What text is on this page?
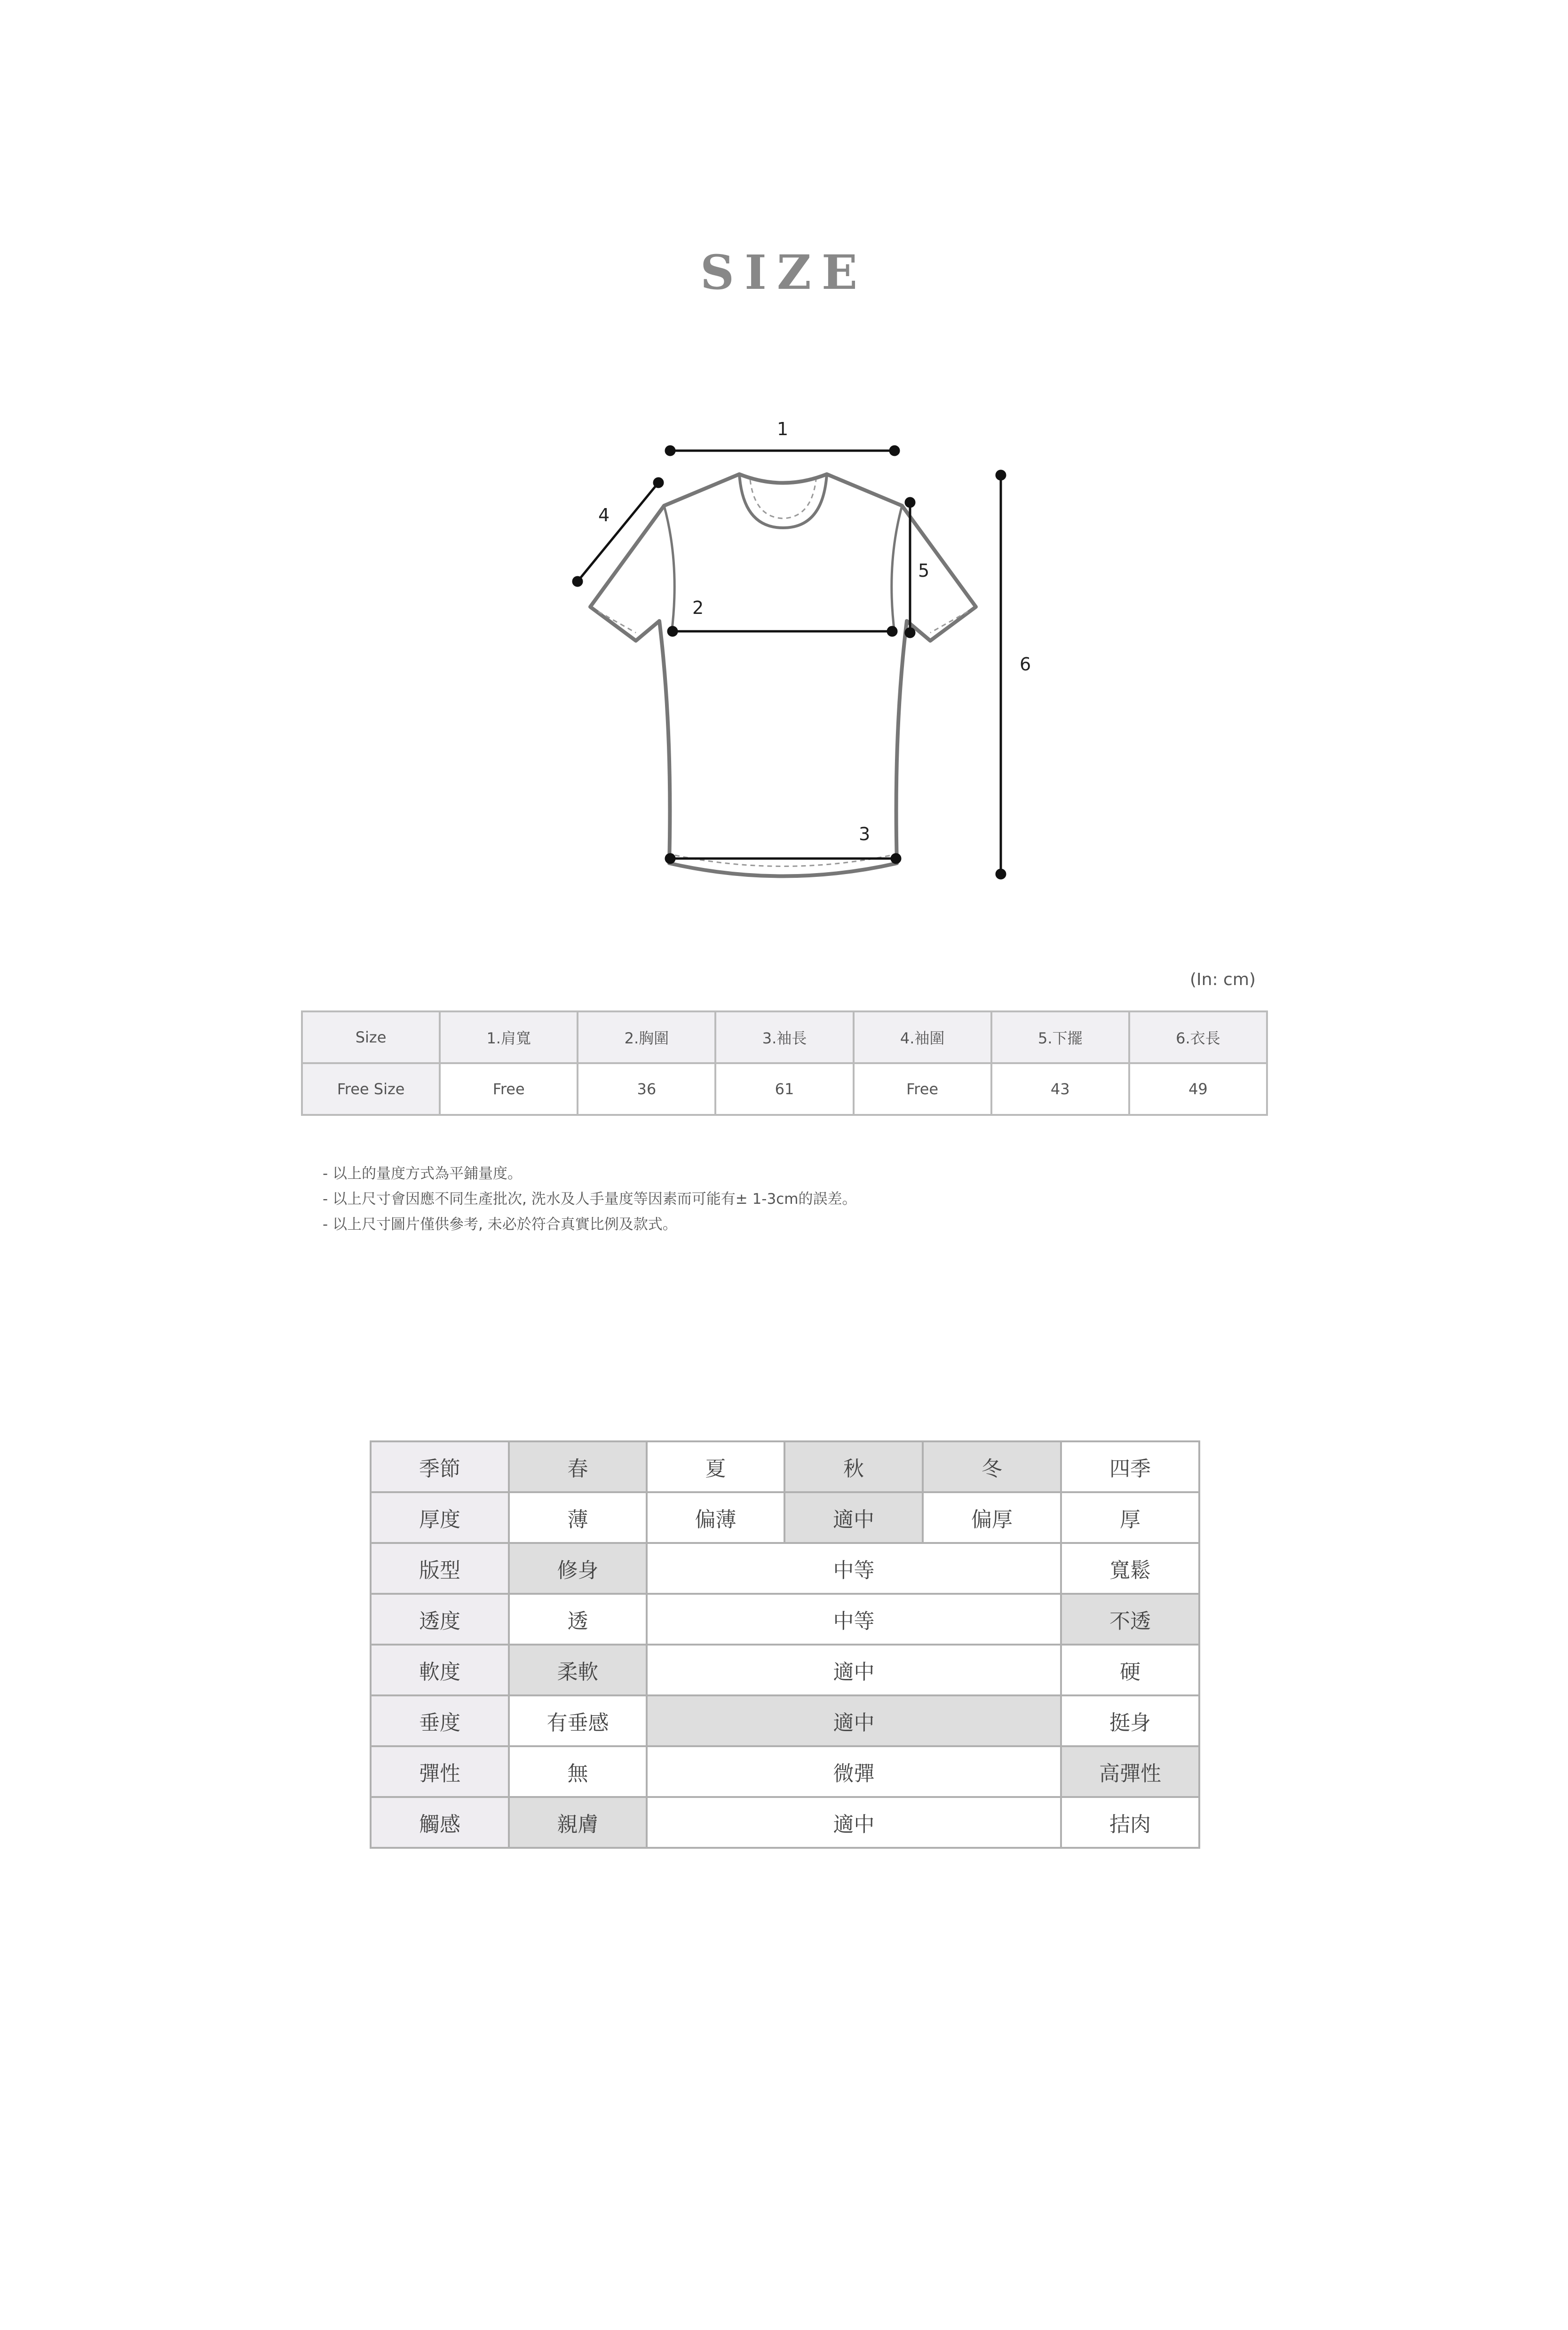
SIZE
1
2
3
4
5
6
(In: cm)
Size	1.肩寬	2.胸圍	3.袖長	4.袖圍	5.下擺	6.衣長
Free Size	Free	36	61	Free	43	49
- 以上的量度方式為平鋪量度。
- 以上尺寸會因應不同生產批次, 洗水及人手量度等因素而可能有± 1-3cm的誤差。
- 以上尺寸圖片僅供參考, 未必於符合真實比例及款式。
季節	春	夏	秋	冬	四季
厚度	薄	偏薄	適中	偏厚	厚
版型	修身	中等			寬鬆
透度	透	中等			不透
軟度	柔軟	適中			硬
垂度	有垂感	適中			挺身
彈性	無	微彈			高彈性
觸感	親膚	適中			拮肉
